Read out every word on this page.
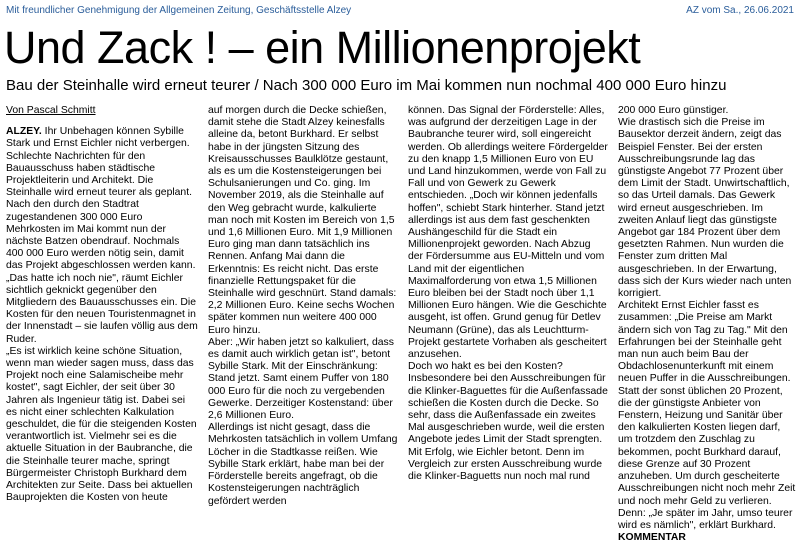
Mit freundlicher Genehmigung der Allgemeinen Zeitung, Geschäftsstelle Alzey	AZ vom Sa., 26.06.2021
Und Zack ! – ein Millionenprojekt
Bau der Steinhalle wird erneut teurer / Nach 300 000 Euro im Mai kommen nun nochmal 400 000 Euro hinzu

Von Pascal Schmitt

ALZEY. Ihr Unbehagen können Sybille Stark und Ernst Eichler nicht verbergen. Schlechte Nachrichten für den Bauausschuss haben städtische Projektleiterin und Architekt. Die Steinhalle wird erneut teurer als geplant. Nach den durch den Stadtrat zugestandenen 300 000 Euro Mehrkosten im Mai kommt nun der nächste Batzen obendrauf. Nochmals 400 000 Euro werden nötig sein, damit das Projekt abgeschlossen werden kann. „Das hatte ich noch nie", räumt Eichler sichtlich geknickt gegenüber den Mitgliedern des Bauausschusses ein. Die Kosten für den neuen Touristenmagnet in der Innenstadt – sie laufen völlig aus dem Ruder.
„Es ist wirklich keine schöne Situation, wenn man wieder sagen muss, dass das Projekt noch eine Salamischeibe mehr kostet", sagt Eichler, der seit über 30 Jahren als Ingenieur tätig ist. Dabei sei es nicht einer schlechten Kalkulation geschuldet, die für die steigenden Kosten verantwortlich ist. Vielmehr sei es die aktuelle Situation in der Baubranche, die die Steinhalle teurer mache, springt Bürgermeister Christoph Burkhard dem Architekten zur Seite. Dass bei aktuellen Bauprojekten die Kosten von heute

auf morgen durch die Decke schießen, damit stehe die Stadt Alzey keinesfalls alleine da, betont Burkhard. Er selbst habe in der jüngsten Sitzung des Kreisausschusses Baulklötze gestaunt, als es um die Kostensteigerungen bei Schulsanierungen und Co. ging. Im November 2019, als die Steinhalle auf den Weg gebracht wurde, kalkulierte man noch mit Kosten im Bereich von 1,5 und 1,6 Millionen Euro. Mit 1,9 Millionen Euro ging man dann tatsächlich ins Rennen. Anfang Mai dann die Erkenntnis: Es reicht nicht. Das erste finanzielle Rettungspaket für die Steinhalle wird geschnürt. Stand damals: 2,2 Millionen Euro. Keine sechs Wochen später kommen nun weitere 400 000 Euro hinzu.
Aber: „Wir haben jetzt so kalkuliert, dass es damit auch wirklich getan ist", betont Sybille Stark. Mit der Einschränkung: Stand jetzt. Samt einem Puffer von 180 000 Euro für die noch zu vergebenden Gewerke. Derzeitiger Kostenstand: über 2,6 Millionen Euro.
Allerdings ist nicht gesagt, dass die Mehrkosten tatsächlich in vollem Umfang Löcher in die Stadtkasse reißen. Wie Sybille Stark erklärt, habe man bei der Förderstelle bereits angefragt, ob die Kostensteigerungen nachträglich gefördert werden

können. Das Signal der Förderstelle: Alles, was aufgrund der derzeitigen Lage in der Baubranche teurer wird, soll eingereicht werden. Ob allerdings weitere Fördergelder zu den knapp 1,5 Millionen Euro von EU und Land hinzukommen, werde von Fall zu Fall und von Gewerk zu Gewerk entschieden. „Doch wir können jedenfalls hoffen", schiebt Stark hinterher. Stand jetzt allerdings ist aus dem fast geschenkten Aushängeschild für die Stadt ein Millionenprojekt geworden. Nach Abzug der Fördersumme aus EU-Mitteln und vom Land mit der eigentlichen Maximalforderung von etwa 1,5 Millionen Euro bleiben bei der Stadt noch über 1,1 Millionen Euro hängen. Wie die Geschichte ausgeht, ist offen. Grund genug für Detlev Neumann (Grüne), das als Leuchtturm-Projekt gestartete Vorhaben als gescheitert anzusehen.
Doch wo hakt es bei den Kosten? Insbesondere bei den Ausschreibungen für die Klinker-Baguettes für die Außenfassade schießen die Kosten durch die Decke. So sehr, dass die Außenfassade ein zweites Mal ausgeschrieben wurde, weil die ersten Angebote jedes Limit der Stadt sprengten. Mit Erfolg, wie Eichler betont. Denn im Vergleich zur ersten Ausschreibung wurde die Klinker-Baguetts nun noch mal rund

200 000 Euro günstiger.
Wie drastisch sich die Preise im Bausektor derzeit ändern, zeigt das Beispiel Fenster. Bei der ersten Ausschreibungsrunde lag das günstigste Angebot 77 Prozent über dem Limit der Stadt. Unwirtschaftlich, so das Urteil damals. Das Gewerk wird erneut ausgeschrieben. Im zweiten Anlauf liegt das günstigste Angebot gar 184 Prozent über dem gesetzten Rahmen. Nun wurden die Fenster zum dritten Mal ausgeschrieben. In der Erwartung, dass sich der Kurs wieder nach unten korrigiert.
Architekt Ernst Eichler fasst es zusammen: „Die Preise am Markt ändern sich von Tag zu Tag." Mit den Erfahrungen bei der Steinhalle geht man nun auch beim Bau der Obdachlosenunterkunft mit einem neuen Puffer in die Ausschreibungen. Statt der sonst üblichen 20 Prozent, die der günstigste Anbieter von Fenstern, Heizung und Sanitär über den kalkulierten Kosten liegen darf, um trotzdem den Zuschlag zu bekommen, pocht Burkhard darauf, diese Grenze auf 30 Prozent anzuheben. Um durch gescheiterte Ausschreibungen nicht noch mehr Zeit und noch mehr Geld zu verlieren. Denn: „Je später im Jahr, umso teurer wird es nämlich", erklärt Burkhard. KOMMENTAR
